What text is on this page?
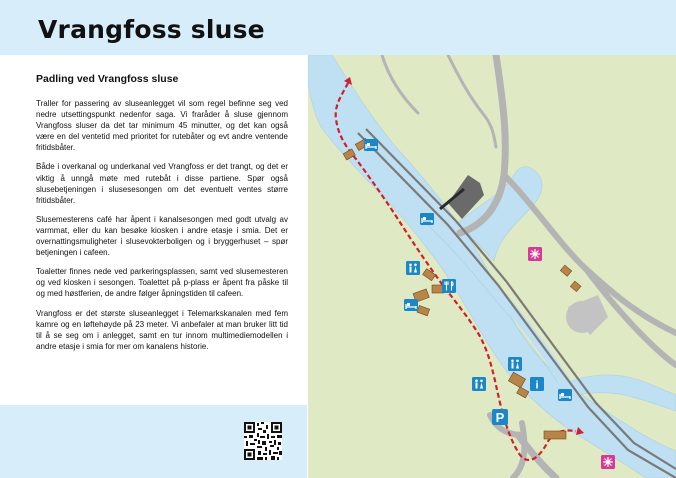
Vrangfoss sluse
Padling ved Vrangfoss sluse

Traller for passering av sluseanlegget vil som regel befinne seg ved nedre utsettingspunkt nedenfor saga. Vi fraråder å sluse gjennom Vrangfoss sluser da det tar minimum 45 minutter, og det kan også være en del ventetid med prioritet for rutebåter og evt andre ventende fritidsbåter.

Både i overkanal og underkanal ved Vrangfoss er det trangt, og det er viktig å unngå møte med rutebåt i disse partiene. Spør også slusebetjeningen i slusesesongen om det eventuelt ventes større fritidsbåter.

Slusemesterens café har åpent i kanalsesongen med godt utvalg av varmmat, eller du kan besøke kiosken i andre etasje i smia. Det er overnattingsmuligheter i slusevokterboligen og i bryggerhuset – spør betjeningen i cafeen.

Toaletter finnes nede ved parkeringsplassen, samt ved slusemesteren og ved kiosken i sesongen. Toalettet på p-plass er åpent fra påske til og med høstferien, de andre følger åpningstiden til cafeen.

Vrangfoss er det største sluseanlegget i Telemarkskanalen med fem kamre og en løftehøyde på 23 meter. Vi anbefaler at man bruker litt tid til å se seg om i anlegget, samt en tur innom multimediemodellen i andre etasje i smia for mer om kanalens historie.

i
P
